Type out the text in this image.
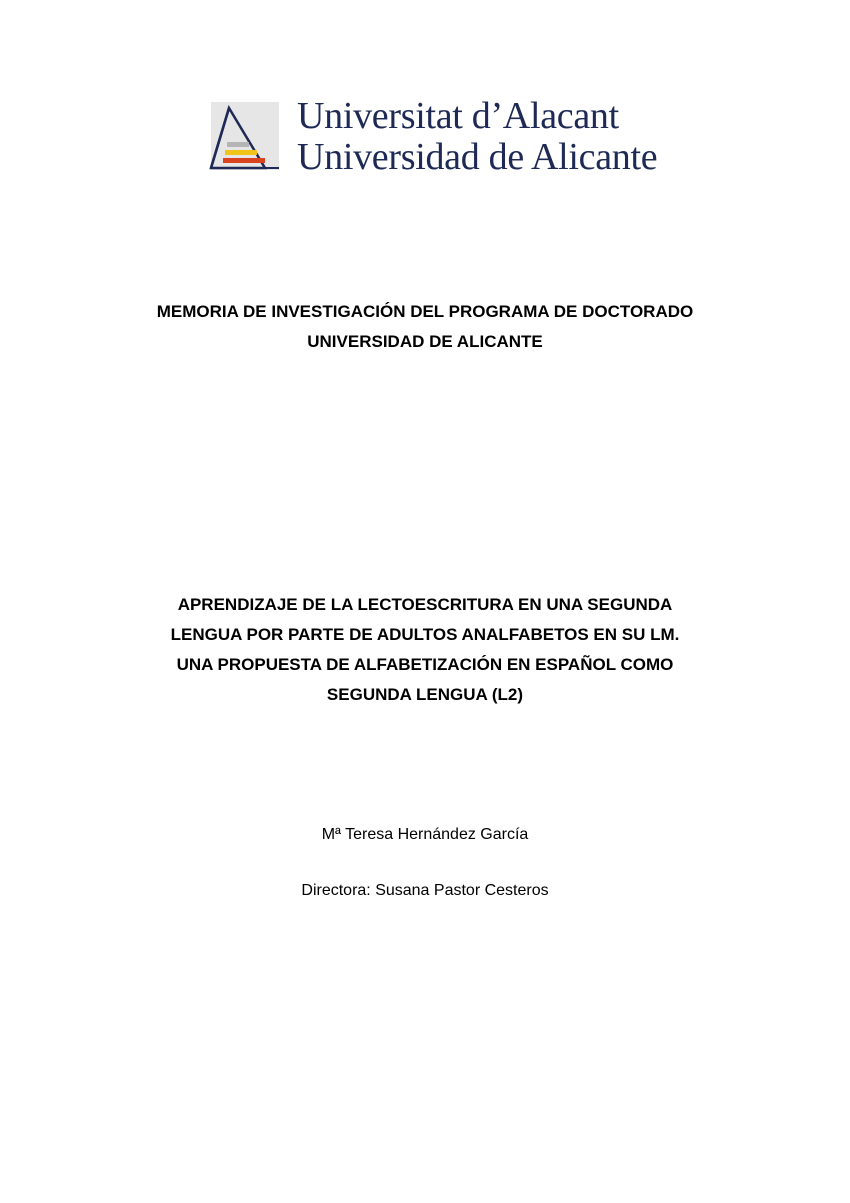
Universitat d’Alacant
Universidad de Alicante
MEMORIA DE INVESTIGACIÓN DEL PROGRAMA DE DOCTORADO
UNIVERSIDAD DE ALICANTE
APRENDIZAJE DE LA LECTOESCRITURA EN UNA SEGUNDA
LENGUA POR PARTE DE ADULTOS ANALFABETOS EN SU LM.
UNA PROPUESTA DE ALFABETIZACIÓN EN ESPAÑOL COMO
SEGUNDA LENGUA (L2)
Mª Teresa Hernández García
Directora: Susana Pastor Cesteros
